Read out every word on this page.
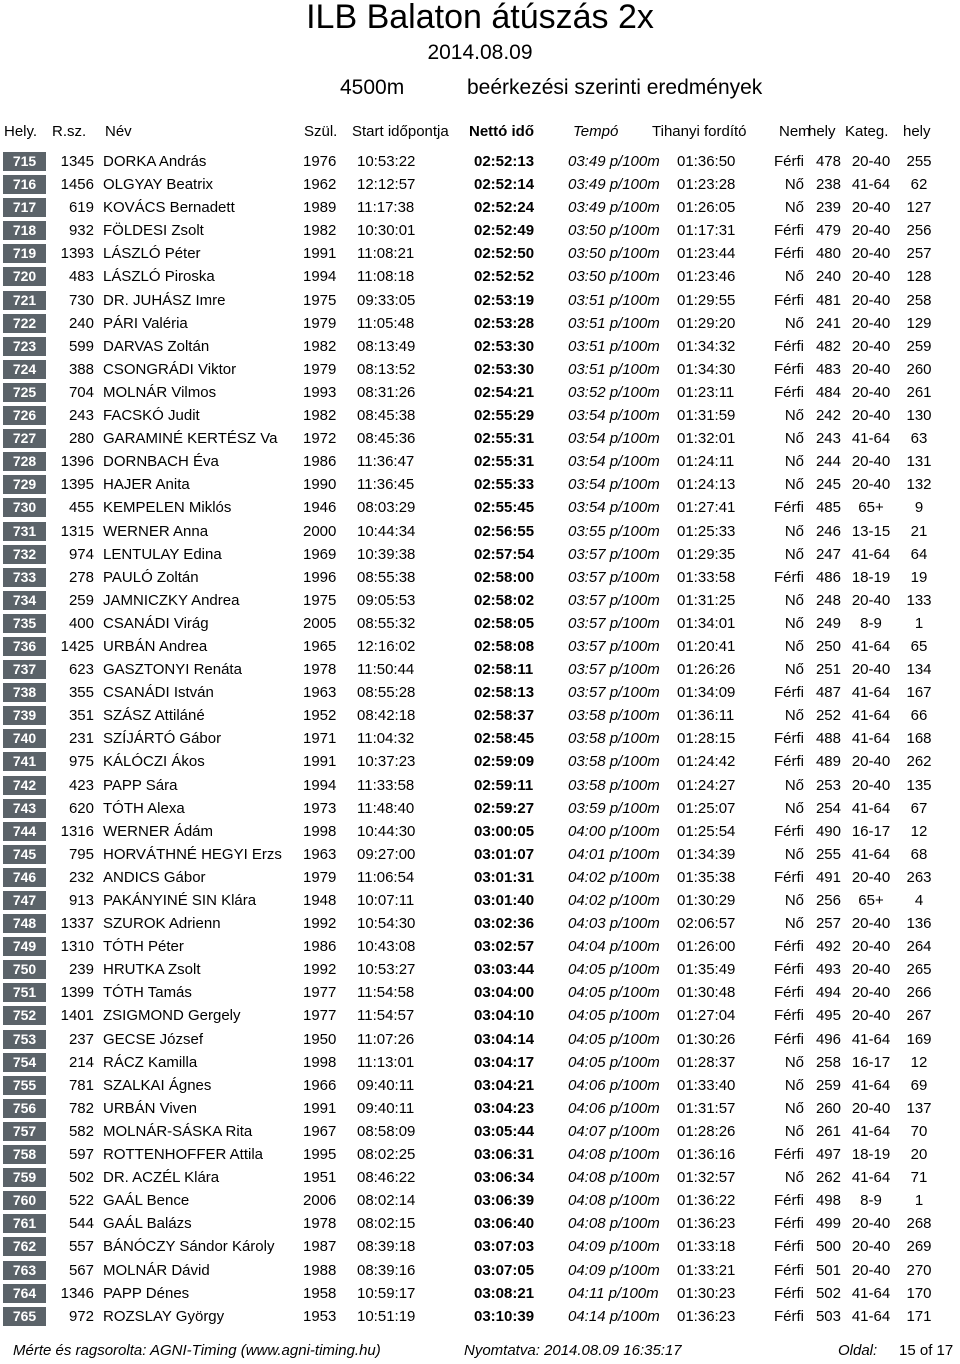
ILB Balaton átúszás 2x
2014.08.09
4500m	beérkezési szerinti eredmények
Hely. R.sz. Név	Szül. Start időpontja Nettó idő	Tempó Tihanyi fordító Nem
hely Kateg. hely
715	1345 DORKA András	1976	10:53:22	02:52:13 03:49 p/100m 01:36:50	Férfi 478 20-40	255
716	1456 OLGYAY Beatrix	1962	12:12:57	02:52:14 03:49 p/100m 01:23:28	Nő 238 41-64	62
717	619 KOVÁCS Bernadett	1989	11:17:38	02:52:24 03:49 p/100m 01:26:05	Nő 239 20-40	127
718	932 FÖLDESI Zsolt	1982	10:30:01	02:52:49 03:50 p/100m 01:17:31	Férfi 479 20-40	256
719	1393 LÁSZLÓ Péter	1991	11:08:21	02:52:50 03:50 p/100m 01:23:44	Férfi 480 20-40	257
720	483 LÁSZLÓ Piroska	1994	11:08:18	02:52:52 03:50 p/100m 01:23:46	Nő 240 20-40	128
721	730 DR. JUHÁSZ Imre	1975	09:33:05	02:53:19 03:51 p/100m 01:29:55	Férfi 481 20-40	258
722	240 PÁRI Valéria	1979	11:05:48	02:53:28 03:51 p/100m 01:29:20	Nő 241 20-40	129
723	599 DARVAS Zoltán	1982	08:13:49	02:53:30 03:51 p/100m 01:34:32	Férfi 482 20-40	259
724	388 CSONGRÁDI Viktor	1979	08:13:52	02:53:30 03:51 p/100m 01:34:30	Férfi 483 20-40	260
725	704 MOLNÁR Vilmos	1993	08:31:26	02:54:21 03:52 p/100m 01:23:11	Férfi 484 20-40	261
726	243 FACSKÓ Judit	1982	08:45:38	02:55:29 03:54 p/100m 01:31:59	Nő 242 20-40	130
727	280 GARAMINÉ KERTÉSZ Va	1972	08:45:36	02:55:31 03:54 p/100m 01:32:01	Nő 243 41-64	63
728	1396 DORNBACH Éva	1986	11:36:47	02:55:31 03:54 p/100m 01:24:11	Nő 244 20-40	131
729	1395 HAJER Anita	1990	11:36:45	02:55:33 03:54 p/100m 01:24:13	Nő 245 20-40	132
730	455 KEMPELEN Miklós	1946	08:03:29	02:55:45 03:54 p/100m 01:27:41	Férfi 485	65+	9
731	1315 WERNER Anna	2000	10:44:34	02:56:55 03:55 p/100m 01:25:33	Nő 246 13-15	21
732	974 LENTULAY Edina	1969	10:39:38	02:57:54 03:57 p/100m 01:29:35	Nő 247 41-64	64
733	278 PAULÓ Zoltán	1996	08:55:38	02:58:00 03:57 p/100m 01:33:58	Férfi 486 18-19	19
734	259 JAMNICZKY Andrea	1975	09:05:53	02:58:02 03:57 p/100m 01:31:25	Nő 248 20-40	133
735	400 CSANÁDI Virág	2005	08:55:32	02:58:05 03:57 p/100m 01:34:01	Nő 249	8-9	1
736	1425 URBÁN Andrea	1965	12:16:02	02:58:08 03:57 p/100m 01:20:41	Nő 250 41-64	65
737	623 GASZTONYI Renáta	1978	11:50:44	02:58:11 03:57 p/100m 01:26:26	Nő 251 20-40	134
738	355 CSANÁDI István	1963	08:55:28	02:58:13 03:57 p/100m 01:34:09	Férfi 487 41-64	167
739	351 SZÁSZ Attiláné	1952	08:42:18	02:58:37 03:58 p/100m 01:36:11	Nő 252 41-64	66
740	231 SZÍJÁRTÓ Gábor	1971	11:04:32	02:58:45 03:58 p/100m 01:28:15	Férfi 488 41-64	168
741	975 KÁLÓCZI Ákos	1991	10:37:23	02:59:09 03:58 p/100m 01:24:42	Férfi 489 20-40	262
742	423 PAPP Sára	1994	11:33:58	02:59:11 03:58 p/100m 01:24:27	Nő 253 20-40	135
743	620 TÓTH Alexa	1973	11:48:40	02:59:27 03:59 p/100m 01:25:07	Nő 254 41-64	67
744	1316 WERNER Ádám	1998	10:44:30	03:00:05 04:00 p/100m 01:25:54	Férfi 490 16-17	12
745	795 HORVÁTHNÉ HEGYI Erzs	1963	09:27:00	03:01:07 04:01 p/100m 01:34:39	Nő 255 41-64	68
746	232 ANDICS Gábor	1979	11:06:54	03:01:31 04:02 p/100m 01:35:38	Férfi 491 20-40	263
747	913 PAKÁNYINÉ SIN Klára	1948	10:07:11	03:01:40 04:02 p/100m 01:30:29	Nő 256	65+	4
748	1337 SZUROK Adrienn	1992	10:54:30	03:02:36 04:03 p/100m 02:06:57	Nő 257 20-40	136
749	1310 TÓTH Péter	1986	10:43:08	03:02:57 04:04 p/100m 01:26:00	Férfi 492 20-40	264
750	239 HRUTKA Zsolt	1992	10:53:27	03:03:44 04:05 p/100m 01:35:49	Férfi 493 20-40	265
751	1399 TÓTH Tamás	1977	11:54:58	03:04:00 04:05 p/100m 01:30:48	Férfi 494 20-40	266
752	1401 ZSIGMOND Gergely	1977	11:54:57	03:04:10 04:05 p/100m 01:27:04	Férfi 495 20-40	267
753	237 GECSE József	1950	11:07:26	03:04:14 04:05 p/100m 01:30:26	Férfi 496 41-64	169
754	214 RÁCZ Kamilla	1998	11:13:01	03:04:17 04:05 p/100m 01:28:37	Nő 258 16-17	12
755	781 SZALKAI Ágnes	1966	09:40:11	03:04:21 04:06 p/100m 01:33:40	Nő 259 41-64	69
756	782 URBÁN Viven	1991	09:40:11	03:04:23 04:06 p/100m 01:31:57	Nő 260 20-40	137
757	582 MOLNÁR-SÁSKA Rita	1967	08:58:09	03:05:44 04:07 p/100m 01:28:26	Nő 261 41-64	70
758	597 ROTTENHOFFER Attila	1995	08:02:25	03:06:31 04:08 p/100m 01:36:16	Férfi 497 18-19	20
759	502 DR. ACZÉL Klára	1951	08:46:22	03:06:34 04:08 p/100m 01:32:57	Nő 262 41-64	71
760	522 GAÁL Bence	2006	08:02:14	03:06:39 04:08 p/100m 01:36:22	Férfi 498	8-9	1
761	544 GAÁL Balázs	1978	08:02:15	03:06:40 04:08 p/100m 01:36:23	Férfi 499 20-40	268
762	557 BÁNÓCZY Sándor Károly	1987	08:39:18	03:07:03 04:09 p/100m 01:33:18	Férfi 500 20-40	269
763	567 MOLNÁR Dávid	1988	08:39:16	03:07:05 04:09 p/100m 01:33:21	Férfi 501 20-40	270
764	1346 PAPP Dénes	1958	10:59:17	03:08:21 04:11 p/100m	01:30:23	Férfi 502 41-64	170
765	972 ROZSLAY György	1953	10:51:19	03:10:39 04:14 p/100m 01:36:23	Férfi 503 41-64	171
Mérte és ragsorolta: AGNI-Timing (www.agni-timing.hu)	Nyomtatva: 2014.08.09 16:35:17	Oldal: 15 of 17
